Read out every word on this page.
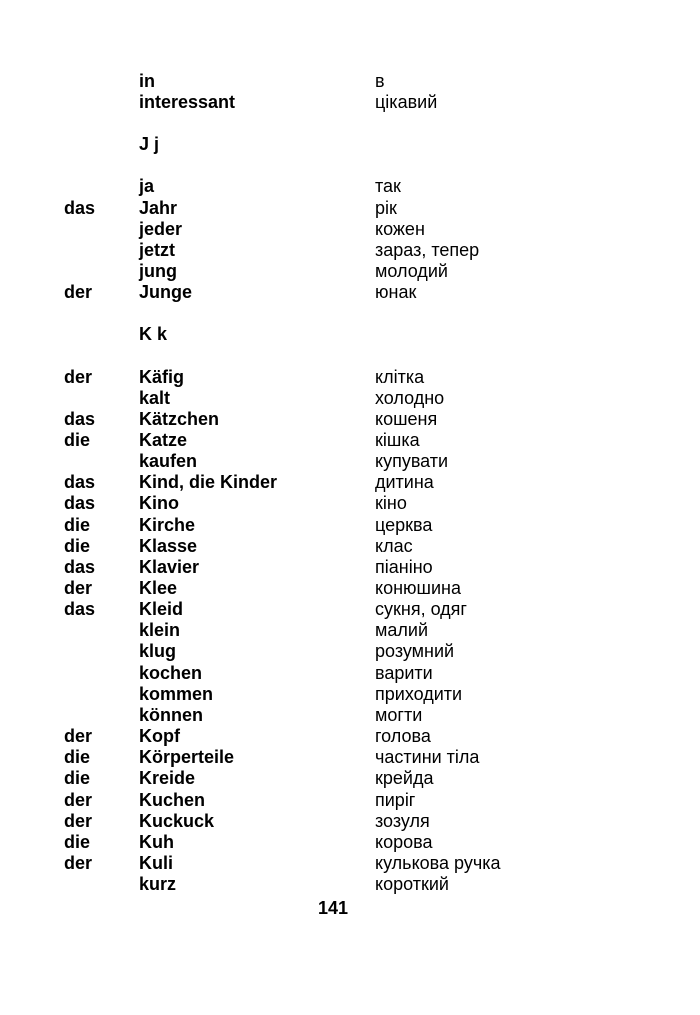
in	в
interessant	цікавий
J j
ja	так
das Jahr	рік
jeder	кожен
jetzt	зараз, тепер
jung	молодий
der	Junge	юнак
K k
der	Käfig	клітка
kalt	холодно
das Kätzchen	кошеня
die	Katze	кішка
kaufen	купувати
das Kind, die Kinder	дитина
das Kino	кіно
die	Kirche	церква
die	Klasse	клас
das Klavier	піаніно
der	Klee	конюшина
das Kleid	сукня, одяг
klein	малий
klug	розумний
kochen	варити
kommen	приходити
können	могти
der	Kopf	голова
die	Körperteile	частини тіла
die	Kreide	крейда
der	Kuchen	пиріг
der	Kuckuck	зозуля
die	Kuh	корова
der	Kuli	кулькова ручка
kurz	короткий
141
